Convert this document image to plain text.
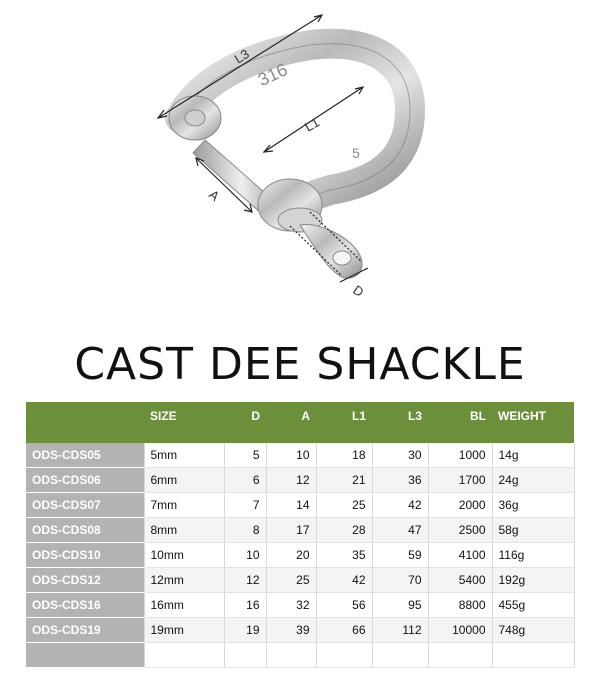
316
5
L3
L1
A
D
CAST DEE SHACKLE
	SIZE	D	A	L1	L3	BL	WEIGHT
ODS-CDS05	5mm	5	10	18	30	1000	14g
ODS-CDS06	6mm	6	12	21	36	1700	24g
ODS-CDS07	7mm	7	14	25	42	2000	36g
ODS-CDS08	8mm	8	17	28	47	2500	58g
ODS-CDS10	10mm	10	20	35	59	4100	116g
ODS-CDS12	12mm	12	25	42	70	5400	192g
ODS-CDS16	16mm	16	32	56	95	8800	455g
ODS-CDS19	19mm	19	39	66	112	10000	748g
